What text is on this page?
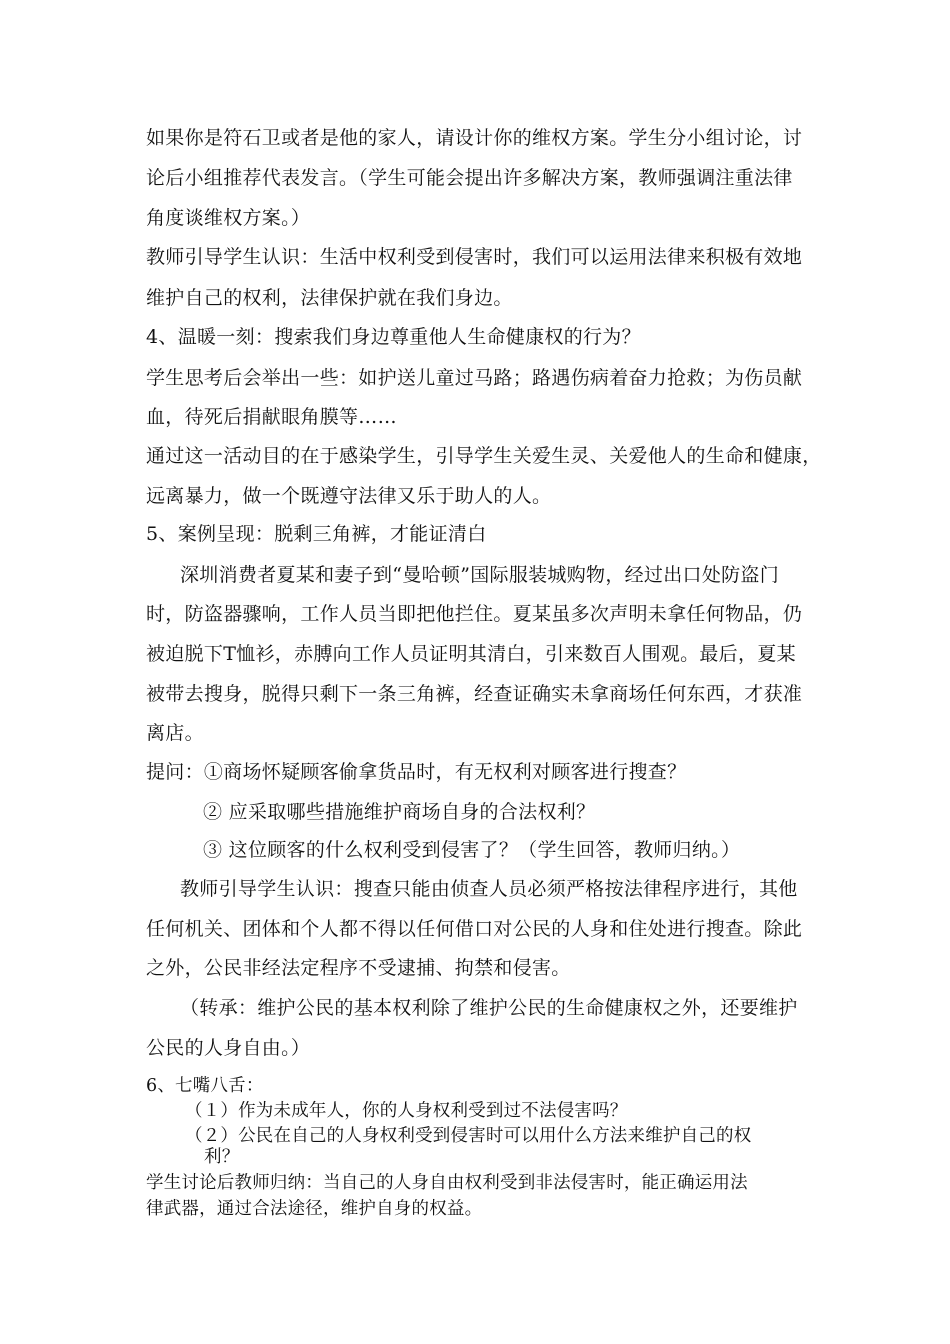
如果你是符石卫或者是他的家人，请设计你的维权方案。学生分小组讨论，讨
论后小组推荐代表发言。（学生可能会提出许多解决方案，教师强调注重法律
角度谈维权方案。）
教师引导学生认识：生活中权利受到侵害时，我们可以运用法律来积极有效地
维护自己的权利，法律保护就在我们身边。
4、温暖一刻：搜索我们身边尊重他人生命健康权的行为？
学生思考后会举出一些：如护送儿童过马路；路遇伤病着奋力抢救；为伤员献
血，待死后捐献眼角膜等……
通过这一活动目的在于感染学生，引导学生关爱生灵、关爱他人的生命和健康，
远离暴力，做一个既遵守法律又乐于助人的人。
5、案例呈现：脱剩三角裤，才能证清白
深圳消费者夏某和妻子到“曼哈顿”国际服装城购物，经过出口处防盗门
时，防盗器骤响，工作人员当即把他拦住。夏某虽多次声明未拿任何物品，仍
被迫脱下T恤衫，赤膊向工作人员证明其清白，引来数百人围观。最后，夏某
被带去搜身，脱得只剩下一条三角裤，经查证确实未拿商场任何东西，才获准
离店。
提问：①商场怀疑顾客偷拿货品时，有无权利对顾客进行搜查？
② 应采取哪些措施维护商场自身的合法权利？
③ 这位顾客的什么权利受到侵害了？（学生回答，教师归纳。）
教师引导学生认识：搜查只能由侦查人员必须严格按法律程序进行，其他
任何机关、团体和个人都不得以任何借口对公民的人身和住处进行搜查。除此
之外，公民非经法定程序不受逮捕、拘禁和侵害。
（转承：维护公民的基本权利除了维护公民的生命健康权之外，还要维护
公民的人身自由。）
6、七嘴八舌：
（１）作为未成年人，你的人身权利受到过不法侵害吗？
（２）公民在自己的人身权利受到侵害时可以用什么方法来维护自己的权
利？
学生讨论后教师归纳：当自己的人身自由权利受到非法侵害时，能正确运用法
律武器，通过合法途径，维护自身的权益。
